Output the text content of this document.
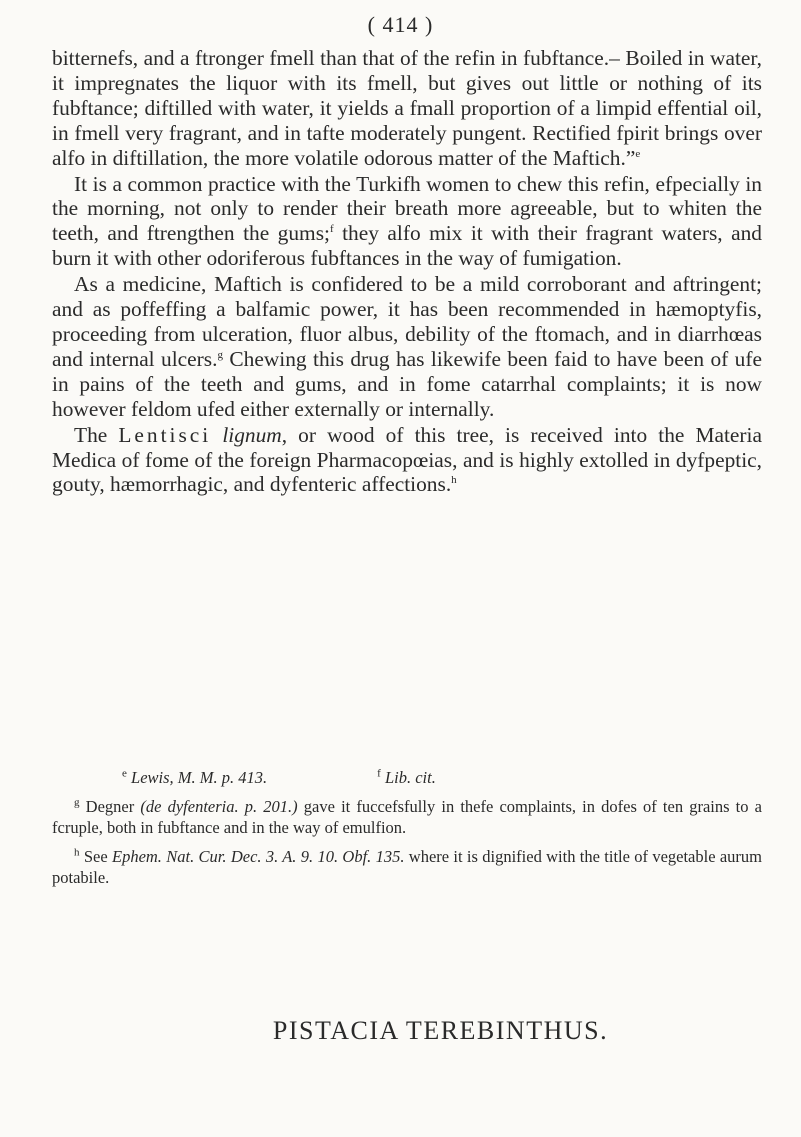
( 414 )

bitternefs, and a ftronger fmell than that of the refin in fubftance.– Boiled in water, it impregnates the liquor with its fmell, but gives out little or nothing of its fubftance; diftilled with water, it yields a fmall proportion of a limpid effential oil, in fmell very fragrant, and in tafte moderately pungent. Rectified fpirit brings over alfo in diftillation, the more volatile odorous matter of the Maftich.”$^e$

It is a common practice with the Turkifh women to chew this refin, efpecially in the morning, not only to render their breath more agreeable, but to whiten the teeth, and ftrengthen the gums;$^f$ they alfo mix it with their fragrant waters, and burn it with other odoriferous fubftances in the way of fumigation.

As a medicine, Maftich is confidered to be a mild corroborant and aftringent; and as poffeffing a balfamic power, it has been recommended in hæmoptyfis, proceeding from ulceration, fluor albus, debility of the ftomach, and in diarrhœas and internal ulcers.$^g$ Chewing this drug has likewife been faid to have been of ufe in pains of the teeth and gums, and in fome catarrhal complaints; it is now however feldom ufed either externally or internally.

The Lentisci lignum, or wood of this tree, is received into the Materia Medica of fome of the foreign Pharmacopœias, and is highly extolled in dyfpeptic, gouty, hæmorrhagic, and dyfenteric affections.$^h$

$^e$ Lewis, M. M. p. 413.	$^f$ Lib. cit.

$^g$ Degner (de dyfenteria. p. 201.) gave it fuccefsfully in thefe complaints, in dofes of ten grains to a fcruple, both in fubftance and in the way of emulfion.

$^h$ See Ephem. Nat. Cur. Dec. 3. A. 9. 10. Obf. 135. where it is dignified with the title of vegetable aurum potabile.

PISTACIA TEREBINTHUS.
